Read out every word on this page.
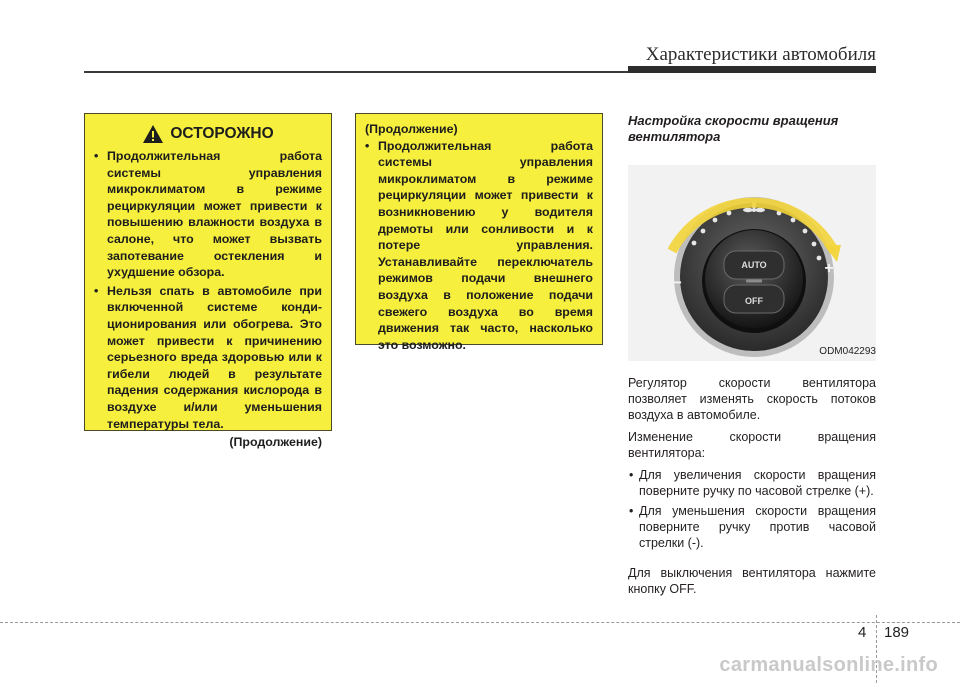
Характеристики автомобиля
ОСТОРОЖНО
• Продолжительная работа системы управления микроклиматом в режиме рециркуляции может привести к повышению влажности воздуха в салоне, что может вызвать запотевание остекления и ухудшение обзора.
• Нельзя спать в автомобиле при включенной системе конди-ционирования или обогрева. Это может привести к причинению серьезного вреда здоровью или к гибели людей в результате падения содержания кислорода в воздухе и/или уменьшения температуры тела.
(Продолжение)
(Продолжение)
• Продолжительная работа системы управления микроклиматом в режиме рециркуляции может привести к возникновению у водителя дремоты или сонливости и к потере управления. Устанавливайте переключатель режимов подачи внешнего воздуха в положение подачи свежего воздуха во время движения так часто, насколько это возможно.
Настройка скорости вращения вентилятора
AUTO
OFF
−
+
ODM042293

Регулятор скорости вентилятора позволяет изменять скорость потоков воздуха в автомобиле.

Изменение скорости вращения вентилятора:

• Для увеличения скорости вращения поверните ручку по часовой стрелке (+).
• Для уменьшения скорости вращения поверните ручку против часовой стрелки (-).

Для выключения вентилятора нажмите кнопку OFF.

4 189
carmanualsonline.info
